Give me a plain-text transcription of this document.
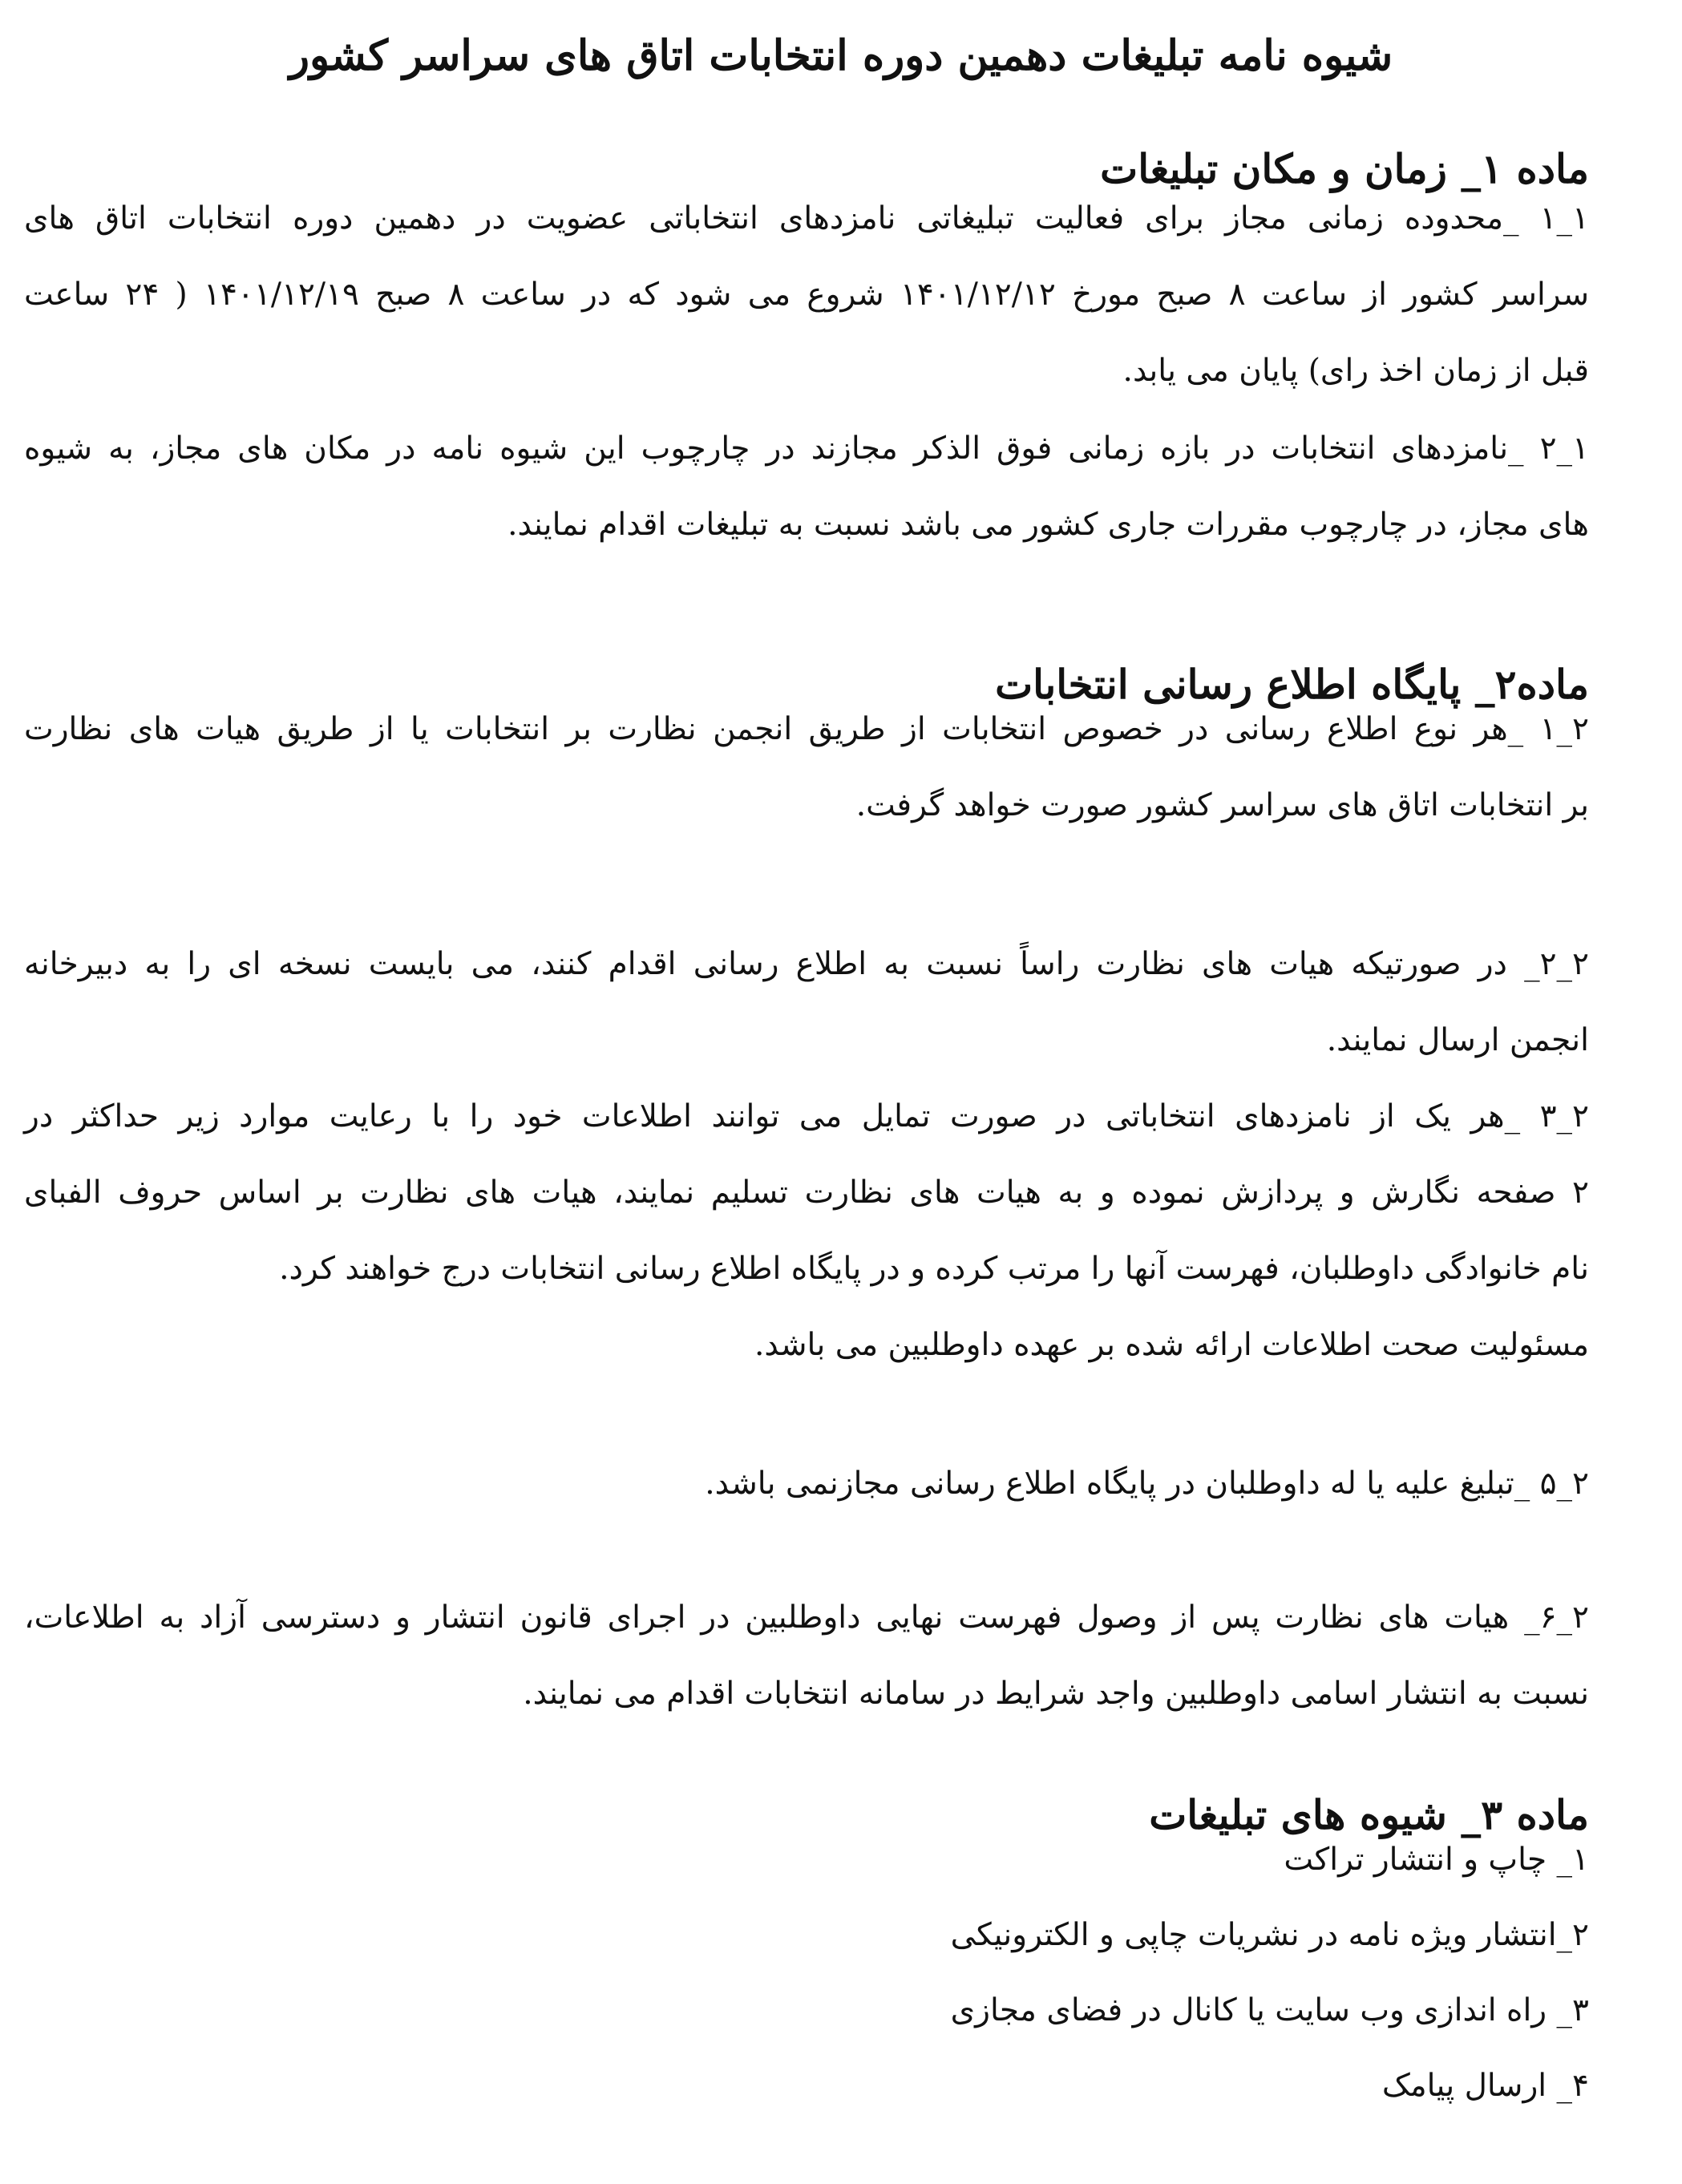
شیوه نامه تبلیغات دهمین دوره انتخابات اتاق های سراسر کشور
ماده ۱_ زمان و مکان تبلیغات
۱_۱ _محدوده زمانی مجاز برای فعالیت تبلیغاتی نامزدهای انتخاباتی عضویت در دهمین دوره انتخابات اتاق های
سراسر کشور از ساعت ۸ صبح مورخ ۱۴۰۱/۱۲/۱۲ شروع می شود که در ساعت ۸ صبح ۱۴۰۱/۱۲/۱۹ ( ۲۴ ساعت
قبل از زمان اخذ رای) پایان می یابد.
۱_۲ _نامزدهای انتخابات در بازه زمانی فوق الذکر مجازند در چارچوب این شیوه نامه در مکان های مجاز، به شیوه
های مجاز، در چارچوب مقررات جاری کشور می باشد نسبت به تبلیغات اقدام نمایند.
ماده۲_ پایگاه اطلاع رسانی انتخابات
۲_۱ _هر نوع اطلاع رسانی در خصوص انتخابات از طریق انجمن نظارت بر انتخابات یا از طریق هیات های نظارت
بر انتخابات اتاق های سراسر کشور صورت خواهد گرفت.
۲_۲_ در صورتیکه هیات های نظارت راساً نسبت به اطلاع رسانی اقدام کنند، می بایست نسخه ای را به دبیرخانه
انجمن ارسال نمایند.
۲_۳ _هر یک از نامزدهای انتخاباتی در صورت تمایل می توانند اطلاعات خود را با رعایت موارد زیر حداکثر در
۲ صفحه نگارش و پردازش نموده و به هیات های نظارت تسلیم نمایند، هیات های نظارت بر اساس حروف الفبای
نام خانوادگی داوطلبان، فهرست آنها را مرتب کرده و در پایگاه اطلاع رسانی انتخابات درج خواهند کرد.
مسئولیت صحت اطلاعات ارائه شده بر عهده داوطلبین می باشد.
۲_۵ _تبلیغ علیه یا له داوطلبان در پایگاه اطلاع رسانی مجازنمی باشد.
۲_۶_ هیات های نظارت پس از وصول فهرست نهایی داوطلبین در اجرای قانون انتشار و دسترسی آزاد به اطلاعات،
نسبت به انتشار اسامی داوطلبین واجد شرایط در سامانه انتخابات اقدام می نمایند.
ماده ۳_ شیوه های تبلیغات
۱_ چاپ و انتشار تراکت
۲_انتشار ویژه نامه در نشریات چاپی و الکترونیکی
۳_ راه اندازی وب سایت یا کانال در فضای مجازی
۴_ ارسال پیامک
